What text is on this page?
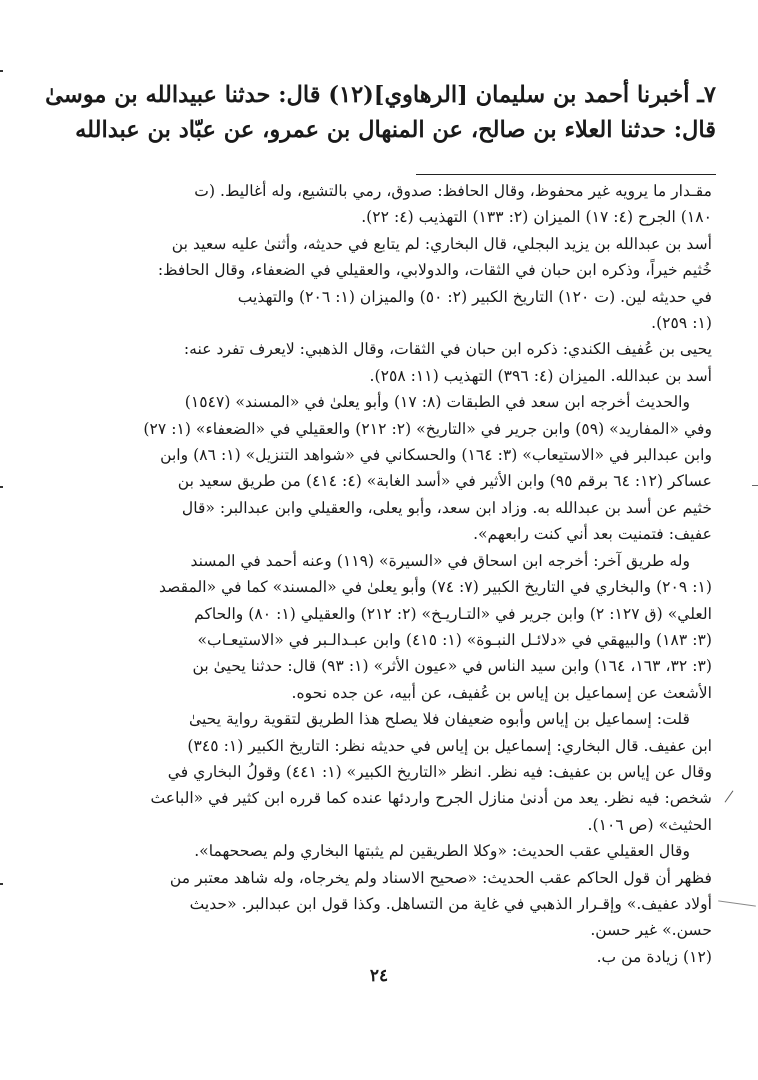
٧ـ أخبرنا أحمد بن سليمان [الرهاوي](١٢) قال: حدثنا عبيدالله بن موسىٰ

قال: حدثنا العلاء بن صالح، عن المنهال بن عمرو، عن عبّاد بن عبدالله

مقـدار ما يرويه غير محفوظ، وقال الحافظ: صدوق، رمي بالتشيع، وله أغاليط. (ت

١٨٠) الجرح (٤: ١٧) الميزان (٢: ١٣٣) التهذيب (٤: ٢٢).

أسد بن عبدالله بن يزيد البجلي، قال البخاري: لم يتابع في حديثه، وأثنىٰ عليه سعيد بن

خُثيم خيراً، وذكره ابن حبان في الثقات، والدولابي، والعقيلي في الضعفاء، وقال الحافظ:

في حديثه لين. (ت ١٢٠) التاريخ الكبير (٢: ٥٠) والميزان (١: ٢٠٦) والتهذيب

(١: ٢٥٩).

يحيى بن عُفيف الكندي: ذكره ابن حبان في الثقات، وقال الذهبي: لايعرف تفرد عنه:

أسد بن عبدالله. الميزان (٤: ٣٩٦) التهذيب (١١: ٢٥٨).

والحديث أخرجه ابن سعد في الطبقات (٨: ١٧) وأبو يعلىٰ في «المسند» (١٥٤٧)

وفي «المفاريد» (٥٩) وابن جرير في «التاريخ» (٢: ٢١٢) والعقيلي في «الضعفاء» (١: ٢٧)

وابن عبدالبر في «الاستيعاب» (٣: ١٦٤) والحسكاني في «شواهد التنزيل» (١: ٨٦) وابن

عساكر (١٢: ٦٤ برقم ٩٥) وابن الأثير في «أسد الغابة» (٤: ٤١٤) من طريق سعيد بن

خثيم عن أسد بن عبدالله به. وزاد ابن سعد، وأبو يعلى، والعقيلي وابن عبدالبر: «قال

عفيف: فتمنيت بعد أني كنت رابعهم».

وله طريق آخر: أخرجه ابن اسحاق في «السيرة» (١١٩) وعنه أحمد في المسند

(١: ٢٠٩) والبخاري في التاريخ الكبير (٧: ٧٤) وأبو يعلىٰ في «المسند» كما في «المقصد

العلي» (ق ١٢٧: ٢) وابن جرير في «التـاريـخ» (٢: ٢١٢) والعقيلي (١: ٨٠) والحاكم

(٣: ١٨٣) والبيهقي في «دلائـل النبـوة» (١: ٤١٥) وابن عبـدالـبر في «الاستيعـاب»

(٣: ٣٢، ١٦٣، ١٦٤) وابن سيد الناس في «عيون الأثر» (١: ٩٣) قال: حدثنا يحيىٰ بن

الأشعث عن إسماعيل بن إياس بن عُفيف، عن أبيه، عن جده نحوه.

قلت: إسماعيل بن إياس وأبوه ضعيفان فلا يصلح هذا الطريق لتقوية رواية يحيىٰ

ابن عفيف. قال البخاري: إسماعيل بن إياس في حديثه نظر: التاريخ الكبير (١: ٣٤٥)

وقال عن إياس بن عفيف: فيه نظر. انظر «التاريخ الكبير» (١: ٤٤١) وقولُ البخاري في

شخص: فيه نظر. يعد من أدنىٰ منازل الجرح واردئها عنده كما قرره ابن كثير في «الباعث

الحثيث» (ص ١٠٦).

وقال العقيلي عقب الحديث: «وكلا الطريقين لم يثبتها البخاري ولم يصححهما».

فظهر أن قول الحاكم عقب الحديث: «صحيح الاسناد ولم يخرجاه، وله شاهد معتبر من

أولاد عفيف.» وإقـرار الذهبي في غاية من التساهل. وكذا قول ابن عبدالبر. «حديث

حسن.» غير حسن.

(١٢) زيادة من ب.

٢٤
